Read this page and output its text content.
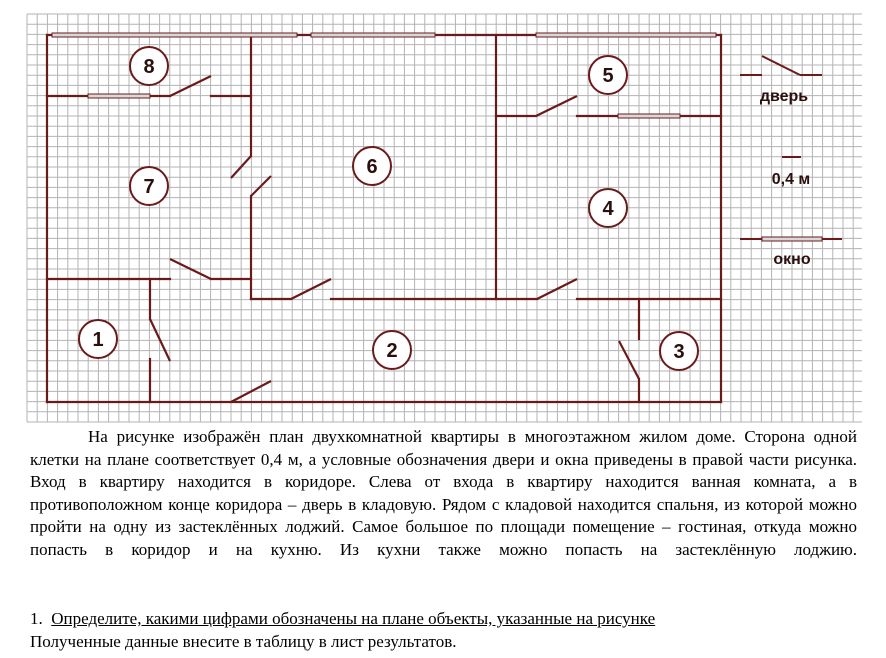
8
7
6
5
4
1	2	3
дверь
0,4 м
окно
На рисунке изображён план двухкомнатной квартиры в многоэтажном жилом доме. Сторона одной клетки на плане соответствует 0,4 м, а условные обозначения двери и окна приведены в правой части рисунка. Вход в квартиру находится в коридоре. Слева от входа в квартиру находится ванная комната, а в противоположном конце коридора – дверь в кладовую. Рядом с кладовой находится спальня, из которой можно пройти на одну из застеклённых лоджий. Самое большое по площади помещение – гостиная, откуда можно попасть в коридор и на кухню. Из кухни также можно попасть на застеклённую лоджию.
1. Определите, какими цифрами обозначены на плане объекты, указанные на рисунке
Полученные данные внесите в таблицу в лист результатов.
